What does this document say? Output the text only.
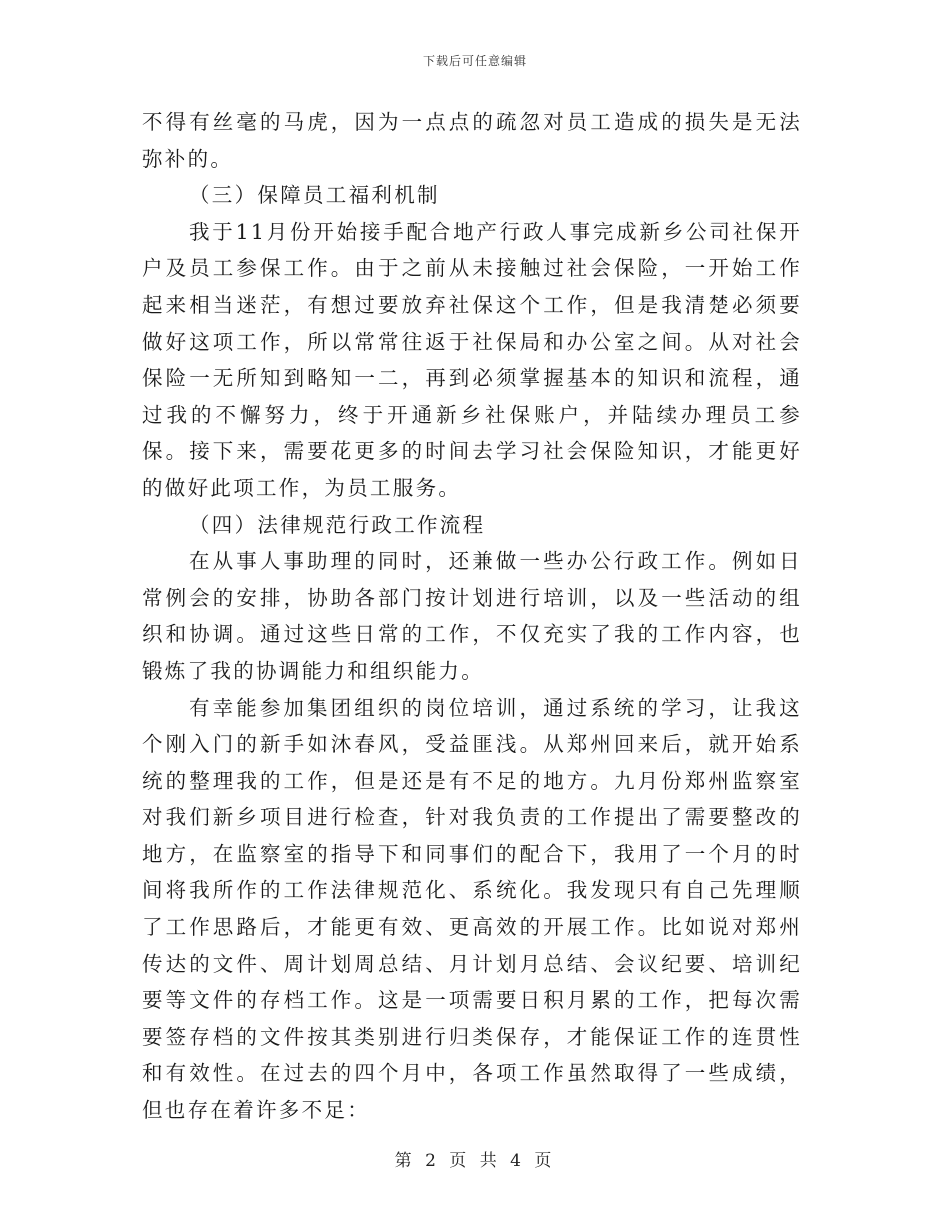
下载后可任意编辑

不得有丝毫的马虎，因为一点点的疏忽对员工造成的损失是无法弥补的。

（三）保障员工福利机制

我于11月份开始接手配合地产行政人事完成新乡公司社保开户及员工参保工作。由于之前从未接触过社会保险，一开始工作起来相当迷茫，有想过要放弃社保这个工作，但是我清楚必须要做好这项工作，所以常常往返于社保局和办公室之间。从对社会保险一无所知到略知一二，再到必须掌握基本的知识和流程，通过我的不懈努力，终于开通新乡社保账户，并陆续办理员工参保。接下来，需要花更多的时间去学习社会保险知识，才能更好的做好此项工作，为员工服务。

（四）法律规范行政工作流程

在从事人事助理的同时，还兼做一些办公行政工作。例如日常例会的安排，协助各部门按计划进行培训，以及一些活动的组织和协调。通过这些日常的工作，不仅充实了我的工作内容，也锻炼了我的协调能力和组织能力。

有幸能参加集团组织的岗位培训，通过系统的学习，让我这个刚入门的新手如沐春风，受益匪浅。从郑州回来后，就开始系统的整理我的工作，但是还是有不足的地方。九月份郑州监察室对我们新乡项目进行检查，针对我负责的工作提出了需要整改的地方，在监察室的指导下和同事们的配合下，我用了一个月的时间将我所作的工作法律规范化、系统化。我发现只有自己先理顺了工作思路后，才能更有效、更高效的开展工作。比如说对郑州传达的文件、周计划周总结、月计划月总结、会议纪要、培训纪要等文件的存档工作。这是一项需要日积月累的工作，把每次需要签存档的文件按其类别进行归类保存，才能保证工作的连贯性和有效性。在过去的四个月中，各项工作虽然取得了一些成绩，但也存在着许多不足：

第 2 页 共 4 页
